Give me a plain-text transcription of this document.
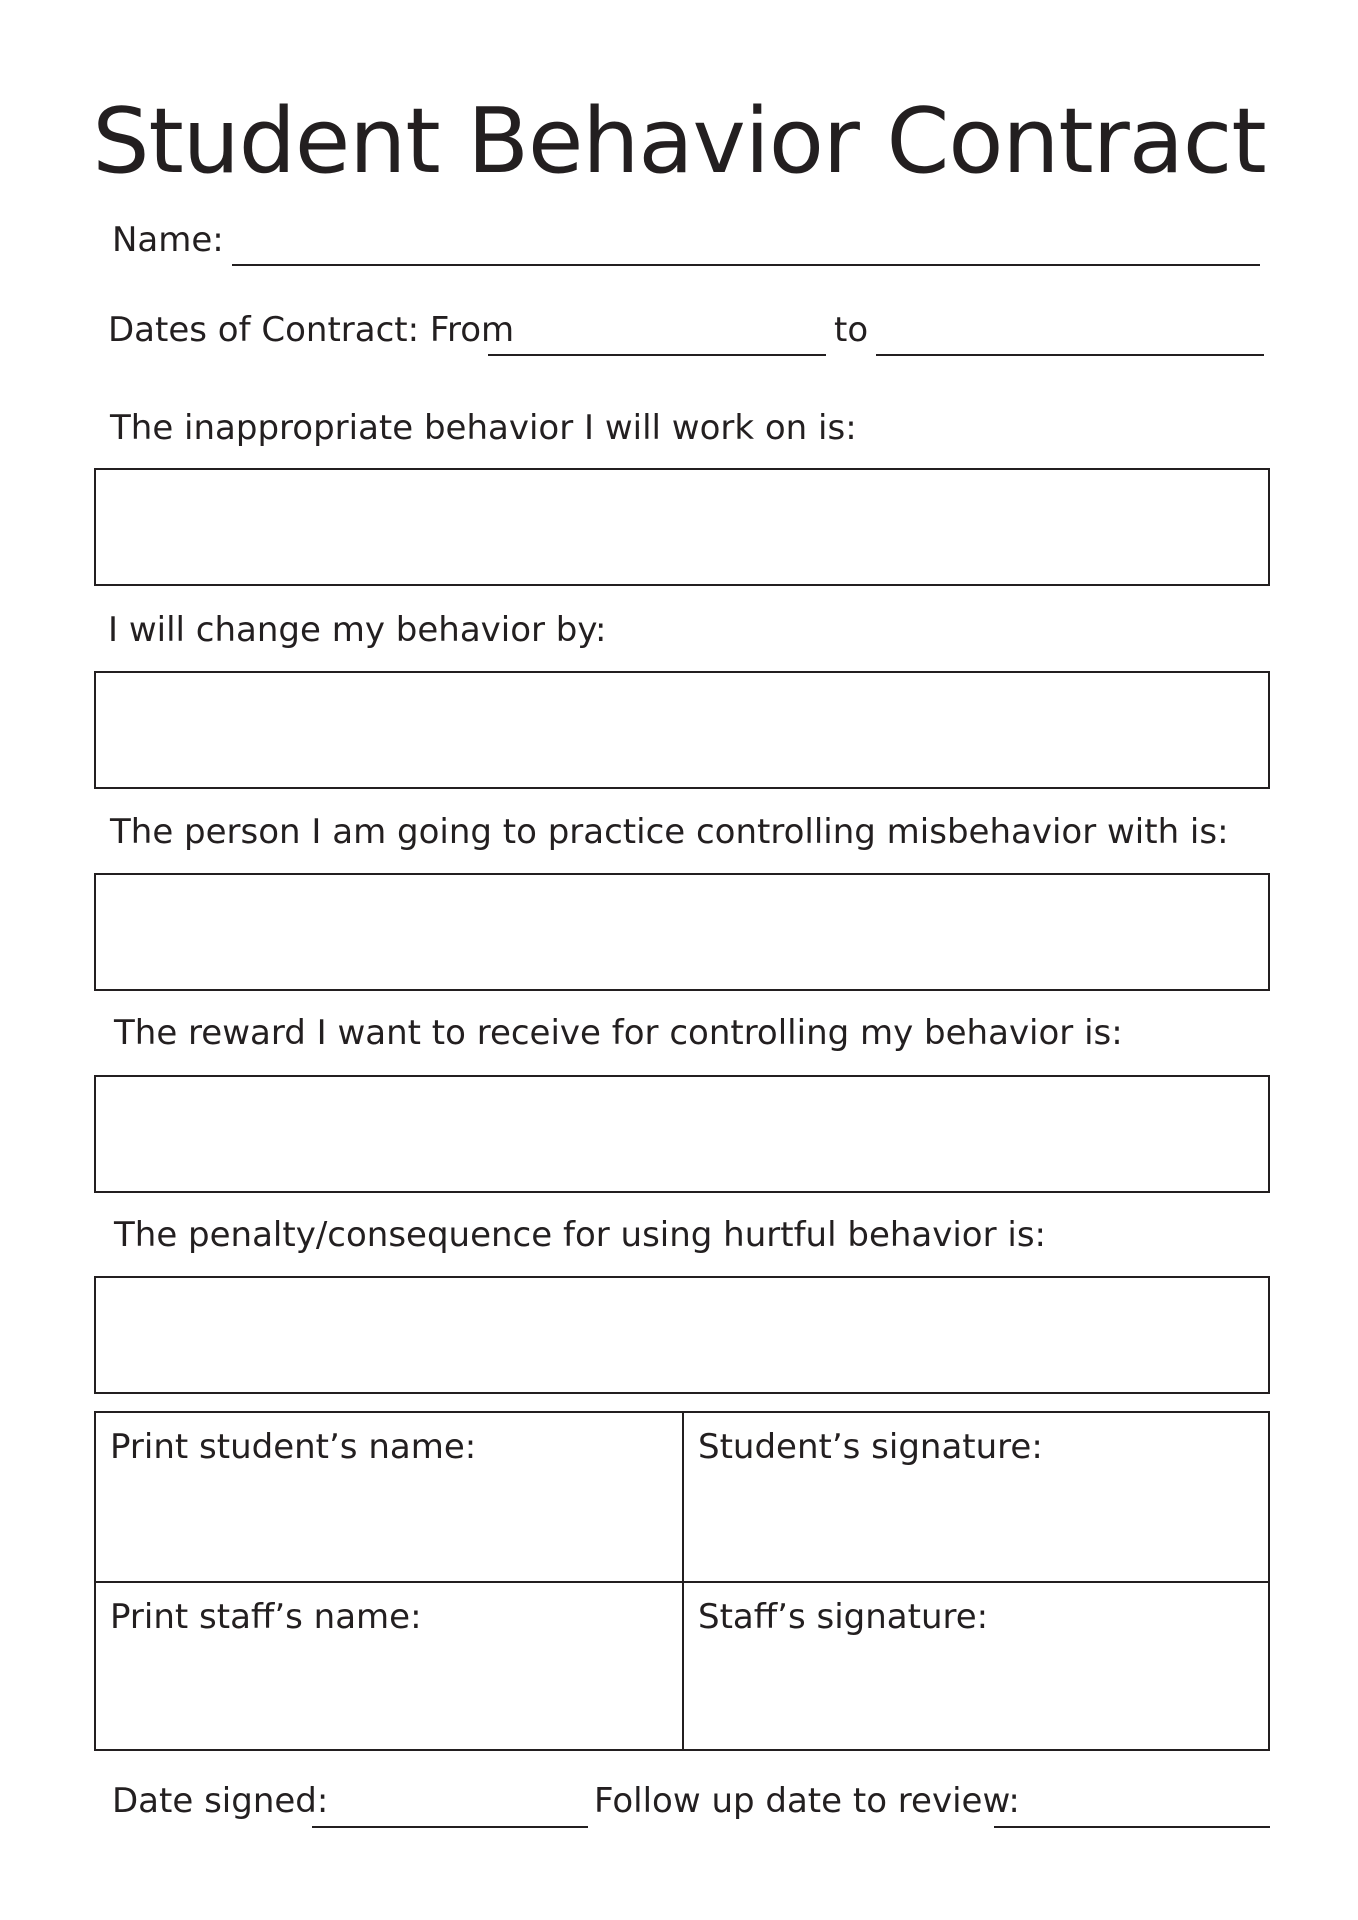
Student Behavior Contract
Name:
Dates of Contract: From	to
The inappropriate behavior I will work on is:
I will change my behavior by:
The person I am going to practice controlling misbehavior with is:
The reward I want to receive for controlling my behavior is:
The penalty/consequence for using hurtful behavior is:
Print student’s name:	Student’s signature:
Print staff’s name:	Staff’s signature:
Date signed:	Follow up date to review:
